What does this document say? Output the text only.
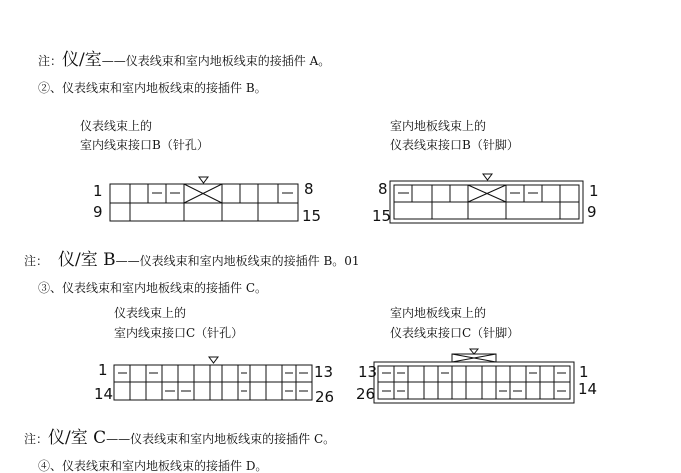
注：仪/室——仪表线束和室内地板线束的接插件 A。
②、仪表线束和室内地板线束的接插件 B。
仪表线束上的
室内线束接口B（针孔）
室内地板线束上的
仪表线束接口B（针脚）
1
9
8
15
8
15
1
9
注： 仪/室 B——仪表线束和室内地板线束的接插件 B。01
③、仪表线束和室内地板线束的接插件 C。
仪表线束上的
室内线束接口C（针孔）
室内地板线束上的
仪表线束接口C（针脚）
1
14
13
26
13
26
1
14
注：仪/室 C——仪表线束和室内地板线束的接插件 C。
④、仪表线束和室内地板线束的接插件 D。
